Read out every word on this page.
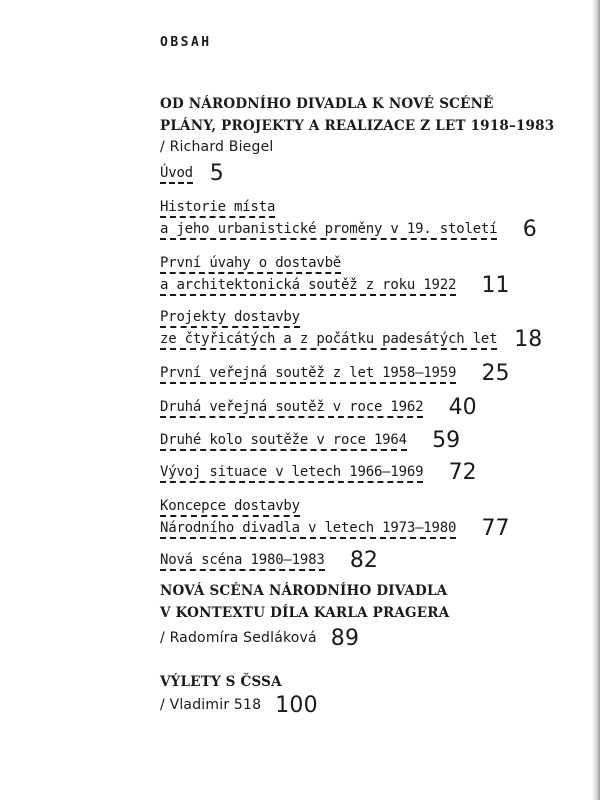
OBSAH
OD NÁRODNÍHO DIVADLA K NOVÉ SCÉNĚ
PLÁNY, PROJEKTY A REALIZACE Z LET 1918–1983
/ Richard Biegel
Úvod 5
Historie místa
a jeho urbanistické proměny v 19. století 6
První úvahy o dostavbě
a architektonická soutěž z roku 1922 11
Projekty dostavby
ze čtyřicátých a z počátku padesátých let 18
První veřejná soutěž z let 1958–1959 25
Druhá veřejná soutěž v roce 1962 40
Druhé kolo soutěže v roce 1964 59
Vývoj situace v letech 1966–1969 72
Koncepce dostavby
Národního divadla v letech 1973–1980 77
Nová scéna 1980–1983 82
NOVÁ SCÉNA NÁRODNÍHO DIVADLA
V KONTEXTU DÍLA KARLA PRAGERA
/ Radomíra Sedláková 89
VÝLETY S ČSSA
/ Vladimir 518 100
